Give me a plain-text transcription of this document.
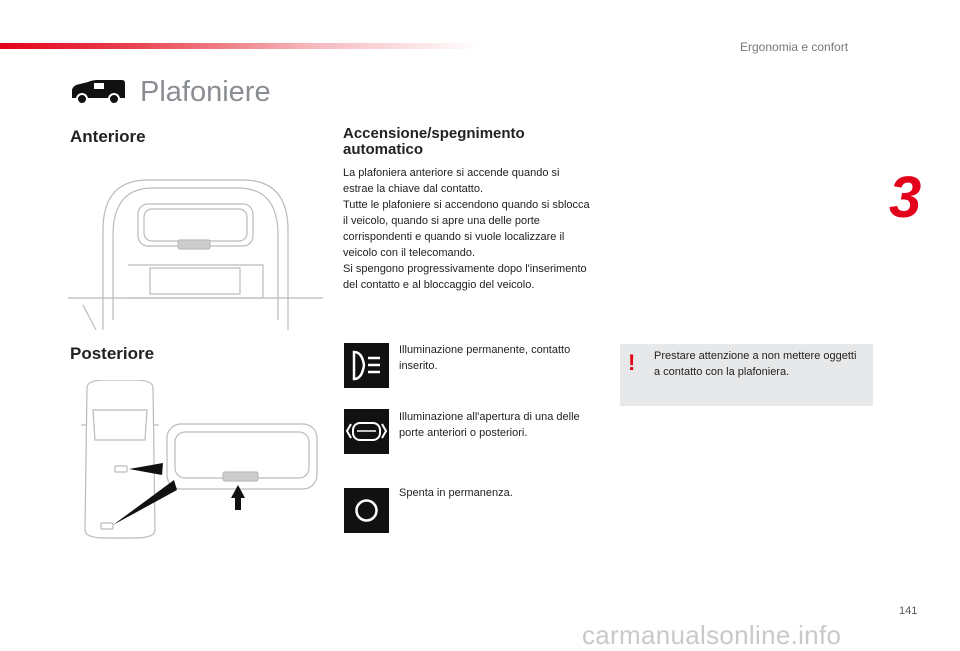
Ergonomia e confort
3
Plafoniere
Anteriore
Posteriore
Accensione/spegnimento automatico

La plafoniera anteriore si accende quando si estrae la chiave dal contatto.

Tutte le plafoniere si accendono quando si sblocca il veicolo, quando si apre una delle porte corrispondenti e quando si vuole localizzare il veicolo con il telecomando.

Si spengono progressivamente dopo l'inserimento del contatto e al bloccaggio del veicolo.

Illuminazione permanente, contatto inserito.
Illuminazione all'apertura di una delle porte anteriori o posteriori.
Spenta in permanenza.
! Prestare attenzione a non mettere oggetti a contatto con la plafoniera.
141
carmanualsonline.info
